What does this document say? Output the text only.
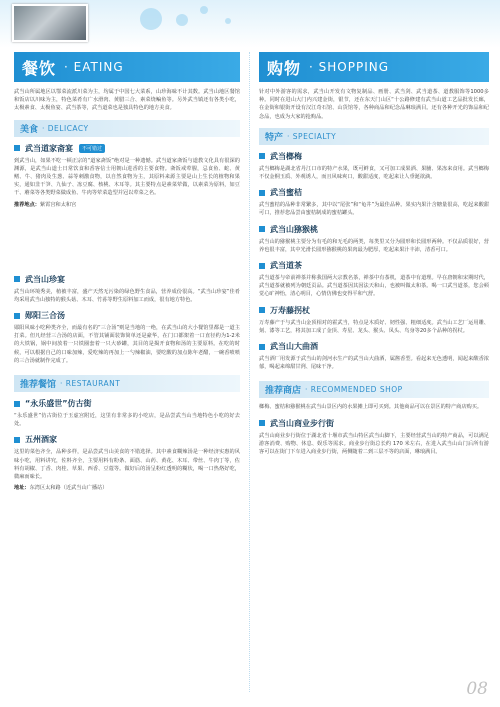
餐饮 · EATING

武当山所属地区以鄂菜流派川菜为主，均属于中国七大菜系，山珍海味不计其数。武当山地区餐馆和饭店以川味为主，特色菜肴有广水滑肉、黄腊三合、素菜烧鳊鱼等。另外武当镇还有各类小吃，太极素食、太极鱼宴、武当茶等，武当道菜也是独具特色的地方美食。

美食 · DELICACY
武当道家斋宴	不可错过

到武当山，如果不吃一顿正宗的“道家斋饭”绝对是一种遗憾。武当道家斋饭与道教文化具有很深的渊源，是武当山道士日常饮食和香客信士用朝山进香的主要食物。斋饭戒荤腥，忌食鱼、蛇、黄鳝、牛、猪肉及生葱、蒜等刺激食物，以自然食物为主，其原料来源主要是山上生长的植物和果实，通如韭干笋、九仙子、冻豆腐、核桃、木耳等。其主要特点是素菜荤做，以素菜为原料，如豆干、蘑菜等各类野菜做成鱼、牛肉等荤菜造型并冠以荤菜之名。

推荐地点：紫霄宫和太和宫
武当山珍宴

武当山环境秀美，植被丰富，盛产天然无污染的绿色野生食品，营养成份很高。“武当山珍宴”佳肴均采用武当山独特的猴头菇、木耳、竹荪等野生原料加工而成，很有地方特色。

郧阳三合汤

郧阳风味小吃种类齐全，而最有名的“三合汤”则是当地的一绝，在武当山的大小餐馆里都是一道主打菜。但凡经营三合汤的店面，不管其铺面装饰简单还是豪华，在门口都架着一口直径约为1-2米的大铁锅，锅中间放着一只铁圈套着一只大砂罐，其目的是揭开食物和汤的主要原料。在吃的时候，可以根据自己的口味加辣，爱吃辣的再加上一勺辣椒油，要吃酸的加点陈年老醋，一碗香喷喷的三合汤就制作完成了。

推荐餐馆 · RESTAURANT
“永乐盛世”仿古街

“永乐盛世”仿古街位于玉虚宫附近，这里有非常多的小吃店，是品尝武当山当地特色小吃的好去处。

五州酒家

这里的菜色齐全，品种多样，是品尝武当山美食的不错选择。其中素食糊辣汤是一种经济实惠的风味小吃，用料讲究，佐料齐全，主要用料有粉条、面筋、山药、黄花、木耳、带丝、牛肉丁等，佐料有胡椒、丁香、肉桂、草果、西香、豆蔻等。做好后的汤呈粉红透明的糊状，喝一口热烙好吃，微麻而味长。

地址：东湾区太和路（近武当山广播站）
购物 · SHOPPING

针对中外游客的需求，武当山开发有文物复制品、画册、武当剑、武当道茶、道教服饰等1000多种。同时在进山大门内兴建金街，银节，还在东天门山区“十公路修建有武当山道工艺品批发长廊，在金街和银街开设有汉江奇石馆、山货馆等，各种商品和纪念品琳琅满目。还有各种开光的饰品和纪念品，也成为大家的抢购品。

特产 · SPECIALTY
武当榔梅

武当榔梅是湖北省丹江口市的特产水果，既可鲜食，又可加工成果酒、果脯、果冻来食用。武当榔梅不仅金桐玉质、外观诱人，而且风味爽口，酸甜适度，吃起来让人垂涎欲滴。

武当蜜桔

武当蜜桔的品种非常繁多，其中以“尾张”和“龟井”为最佳品种。果实内果汁含糖量很高，吃起来酸甜可口，推荐您品尝由蜜桔制成的蜜桔罐头。

武当山猕猴桃

武当山的猕猴桃主要分为有毛的和无毛的两类，每类里又分为圆形和长圆形两种。不仅品质很好，营养也很丰富，其中光滑长圆形猕猴桃的果肉最为肥厚，吃起来果汁丰沛，清香可口。

武当道茶

武当道茶与帝前禅茶并称我国两大宗教名茶，禅茶中有茶机，道茶中有道理。早在唐朝和宋期时代，武当道茶就被列为朝廷贡品。武当道茶因其因法天和山，也被叫做太和茶。喝一口武当道茶，您会顿觉心旷神怡，清心明目，心情仿佛也变得平和气舒。

万寿藤拐杖

万寿藤产于与武当山金顶相对的霍武当，特点是木质好、韧性强、粗细适度。武当山工艺厂运用雕、刻、漆等工艺，将其加工成了金顶、寿星、龙头、猴头、凤头、鸟身等20多个品种的拐杖。

武当山大曲酒

武当酒厂用发源于武当山的剑河水生产的武当山大曲酒，属酱香型。看起来无色透明，闻起来酸香浓郁，喝起来绵甜甘洌、尾味干净。

推荐商店 · RECOMMENDED SHOP

榔梅、蜜桔和猕猴桃在武当山景区内的水果摊上即可买到。其他商品可以在景区的特产商店购买。

武当山商业步行街

武当山商业步行街位于湖北省十堰市武当山特区武当山脚下，主要经营武当山的特产商品，可以满足游客消费、购物、休息、娱乐等需求。商业步行街总长约 170 米左右，在进入武当山山门后所有游客可以在街门下车进入商业步行街，两侧随着二到三层不等的店面，琳琅满目。

08
